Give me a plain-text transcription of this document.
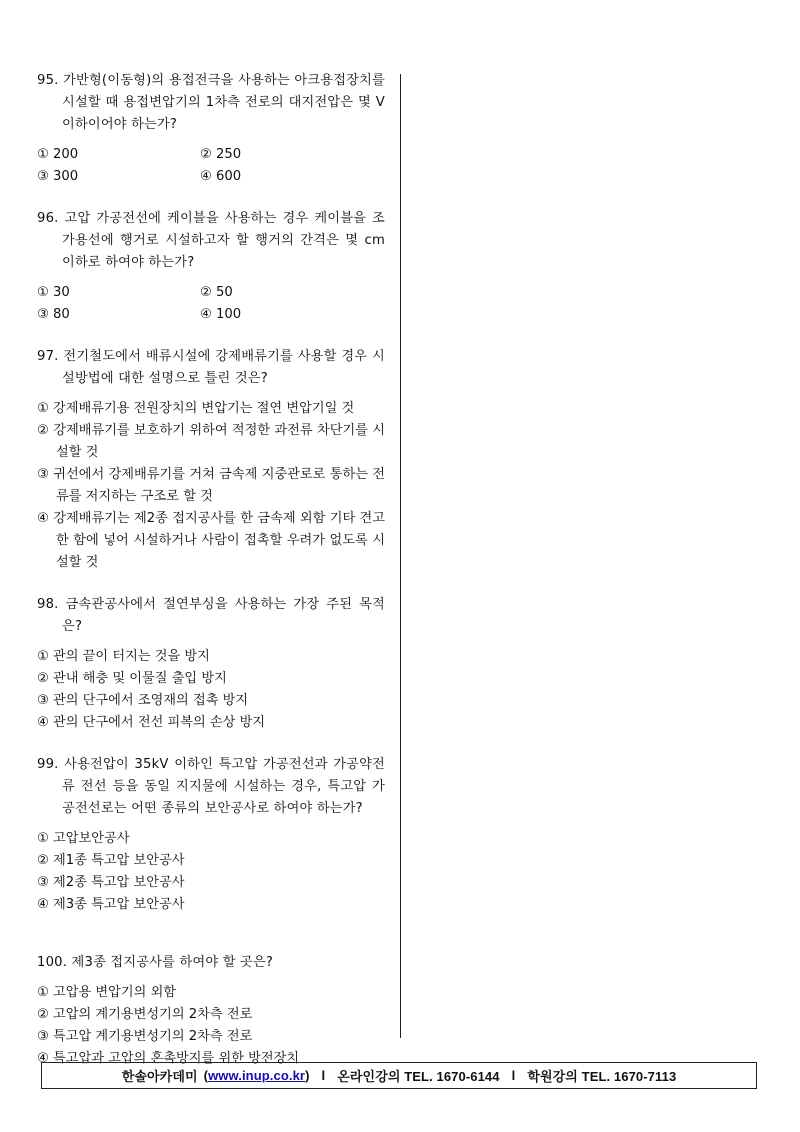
95. 가반형(이동형)의 용접전극을 사용하는 아크용접장치를 시설할 때 용접변압기의 1차측 전로의 대지전압은 몇 V 이하이어야 하는가?

① 200	② 250
③ 300	④ 600

96. 고압 가공전선에 케이블을 사용하는 경우 케이블을 조가용선에 행거로 시설하고자 할 행거의 간격은 몇 cm 이하로 하여야 하는가?

① 30	② 50
③ 80	④ 100

97. 전기철도에서 배류시설에 강제배류기를 사용할 경우 시설방법에 대한 설명으로 틀린 것은?

① 강제배류기용 전원장치의 변압기는 절연 변압기일 것
② 강제배류기를 보호하기 위하여 적정한 과전류 차단기를 시설할 것
③ 귀선에서 강제배류기를 거쳐 금속제 지중관로로 통하는 전류를 저지하는 구조로 할 것
④ 강제배류기는 제2종 접지공사를 한 금속제 외함 기타 견고한 함에 넣어 시설하거나 사람이 접촉할 우려가 없도록 시설할 것

98. 금속관공사에서 절연부싱을 사용하는 가장 주된 목적은?

① 관의 끝이 터지는 것을 방지
② 관내 해충 및 이물질 출입 방지
③ 관의 단구에서 조영재의 접촉 방지
④ 관의 단구에서 전선 피복의 손상 방지

99. 사용전압이 35kV 이하인 특고압 가공전선과 가공약전류 전선 등을 동일 지지물에 시설하는 경우, 특고압 가공전선로는 어떤 종류의 보안공사로 하여야 하는가?

① 고압보안공사
② 제1종 특고압 보안공사
③ 제2종 특고압 보안공사
④ 제3종 특고압 보안공사

100. 제3종 접지공사를 하여야 할 곳은?

① 고압용 변압기의 외함
② 고압의 계기용변성기의 2차측 전로
③ 특고압 계기용변성기의 2차측 전로
④ 특고압과 고압의 혼촉방지를 위한 방전장치
한솔아카데미 ( www.inup.co.kr ) l 온라인강의 TEL. 1670-6144 l 학원강의 TEL. 1670-7113
